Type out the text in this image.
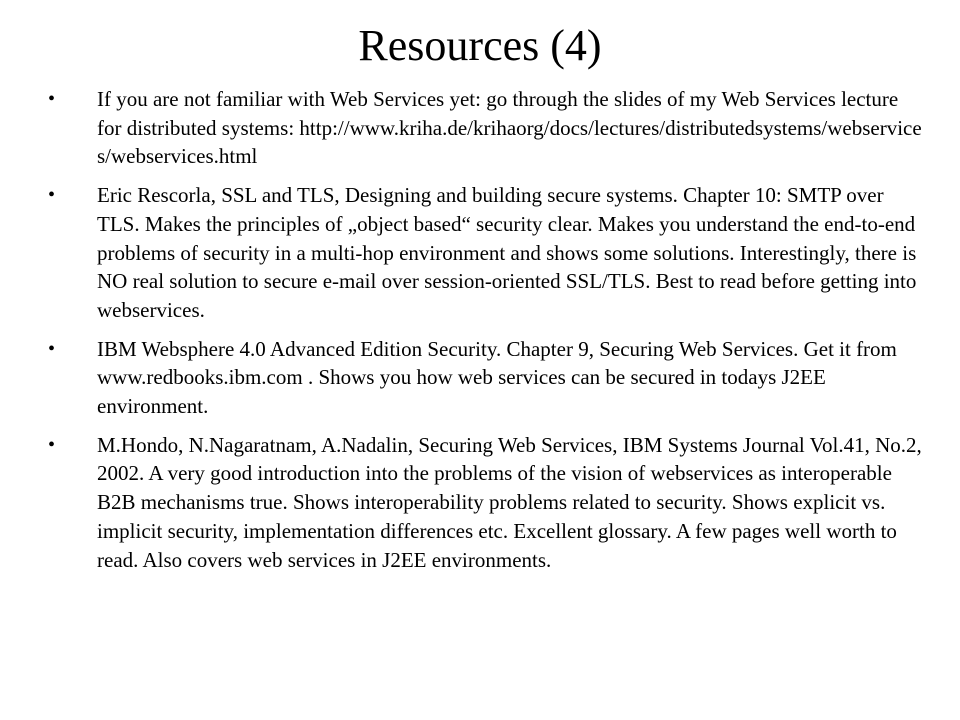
Resources (4)
• If you are not familiar with Web Services yet: go through the slides of my Web Services lecture for distributed systems: http://www.kriha.de/krihaorg/docs/lectures/distributedsystems/webservices/webservices.html
• Eric Rescorla, SSL and TLS, Designing and building secure systems. Chapter 10: SMTP over TLS. Makes the principles of „object based“ security clear. Makes you understand the end-to-end problems of security in a multi-hop environment and shows some solutions. Interestingly, there is NO real solution to secure e-mail over session-oriented SSL/TLS. Best to read before getting into webservices.
• IBM Websphere 4.0 Advanced Edition Security. Chapter 9, Securing Web Services. Get it from www.redbooks.ibm.com . Shows you how web services can be secured in todays J2EE environment.
• M.Hondo, N.Nagaratnam, A.Nadalin, Securing Web Services, IBM Systems Journal Vol.41, No.2, 2002. A very good introduction into the problems of the vision of webservices as interoperable B2B mechanisms true. Shows interoperability problems related to security. Shows explicit vs. implicit security, implementation differences etc. Excellent glossary. A few pages well worth to read. Also covers web services in J2EE environments.
